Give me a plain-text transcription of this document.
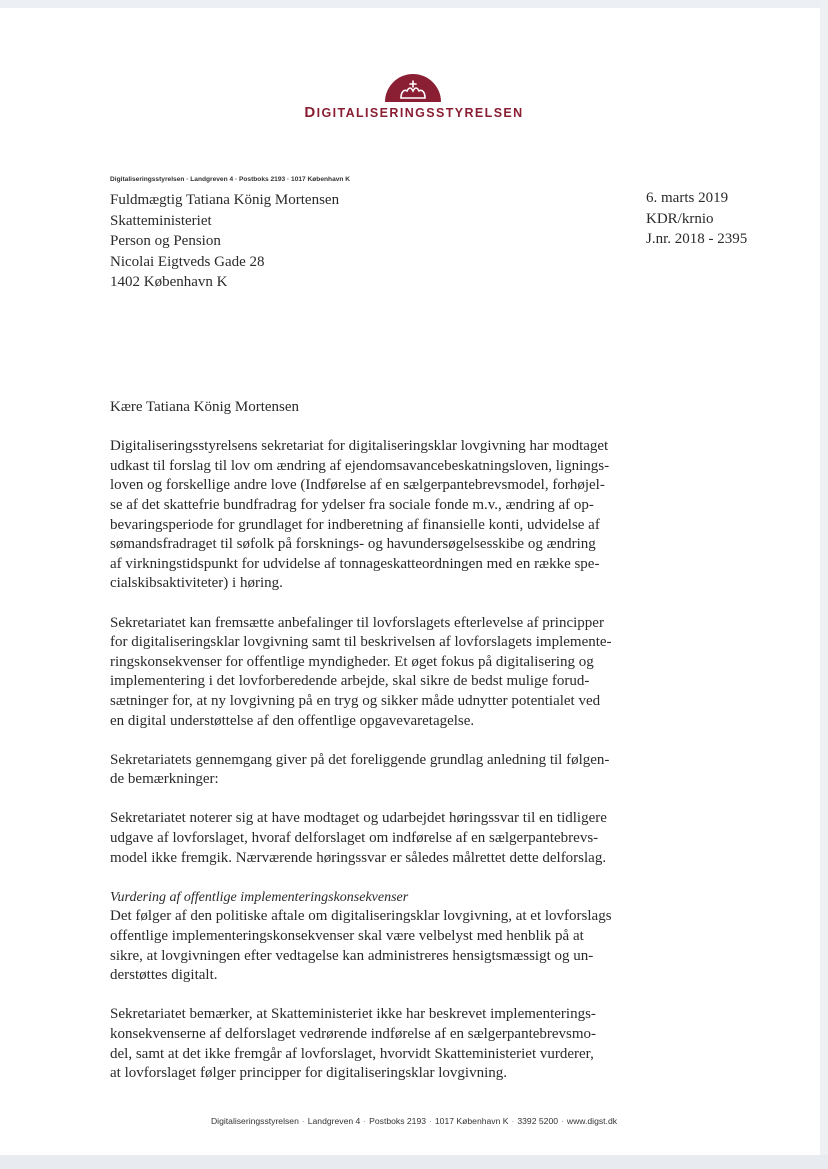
DIGITALISERINGSSTYRELSEN
Digitaliseringsstyrelsen · Landgreven 4 · Postboks 2193 · 1017 København K
Fuldmægtig Tatiana König Mortensen
Skatteministeriet
Person og Pension
Nicolai Eigtveds Gade 28
1402 København K
6. marts 2019
KDR/krnio
J.nr. 2018 - 2395

Kære Tatiana König Mortensen

Digitaliseringsstyrelsens sekretariat for digitaliseringsklar lovgivning har modtaget
udkast til forslag til lov om ændring af ejendomsavancebeskatningsloven, lignings-
loven og forskellige andre love (Indførelse af en sælgerpantebrevsmodel, forhøjel-
se af det skattefrie bundfradrag for ydelser fra sociale fonde m.v., ændring af op-
bevaringsperiode for grundlaget for indberetning af finansielle konti, udvidelse af
sømandsfradraget til søfolk på forsknings- og havundersøgelsesskibe og ændring
af virkningstidspunkt for udvidelse af tonnageskatteordningen med en række spe-
cialskibsaktiviteter) i høring.

Sekretariatet kan fremsætte anbefalinger til lovforslagets efterlevelse af principper
for digitaliseringsklar lovgivning samt til beskrivelsen af lovforslagets implemente-
ringskonsekvenser for offentlige myndigheder. Et øget fokus på digitalisering og
implementering i det lovforberedende arbejde, skal sikre de bedst mulige forud-
sætninger for, at ny lovgivning på en tryg og sikker måde udnytter potentialet ved
en digital understøttelse af den offentlige opgavevaretagelse.

Sekretariatets gennemgang giver på det foreliggende grundlag anledning til følgen-
de bemærkninger:

Sekretariatet noterer sig at have modtaget og udarbejdet høringssvar til en tidligere
udgave af lovforslaget, hvoraf delforslaget om indførelse af en sælgerpantebrevs-
model ikke fremgik. Nærværende høringssvar er således målrettet dette delforslag.

Vurdering af offentlige implementeringskonsekvenser
Det følger af den politiske aftale om digitaliseringsklar lovgivning, at et lovforslags
offentlige implementeringskonsekvenser skal være velbelyst med henblik på at
sikre, at lovgivningen efter vedtagelse kan administreres hensigtsmæssigt og un-
derstøttes digitalt.

Sekretariatet bemærker, at Skatteministeriet ikke har beskrevet implementerings-
konsekvenserne af delforslaget vedrørende indførelse af en sælgerpantebrevsmo-
del, samt at det ikke fremgår af lovforslaget, hvorvidt Skatteministeriet vurderer,
at lovforslaget følger principper for digitaliseringsklar lovgivning.

Digitaliseringsstyrelsen · Landgreven 4 · Postboks 2193 · 1017 København K · 3392 5200 · www.digst.dk
